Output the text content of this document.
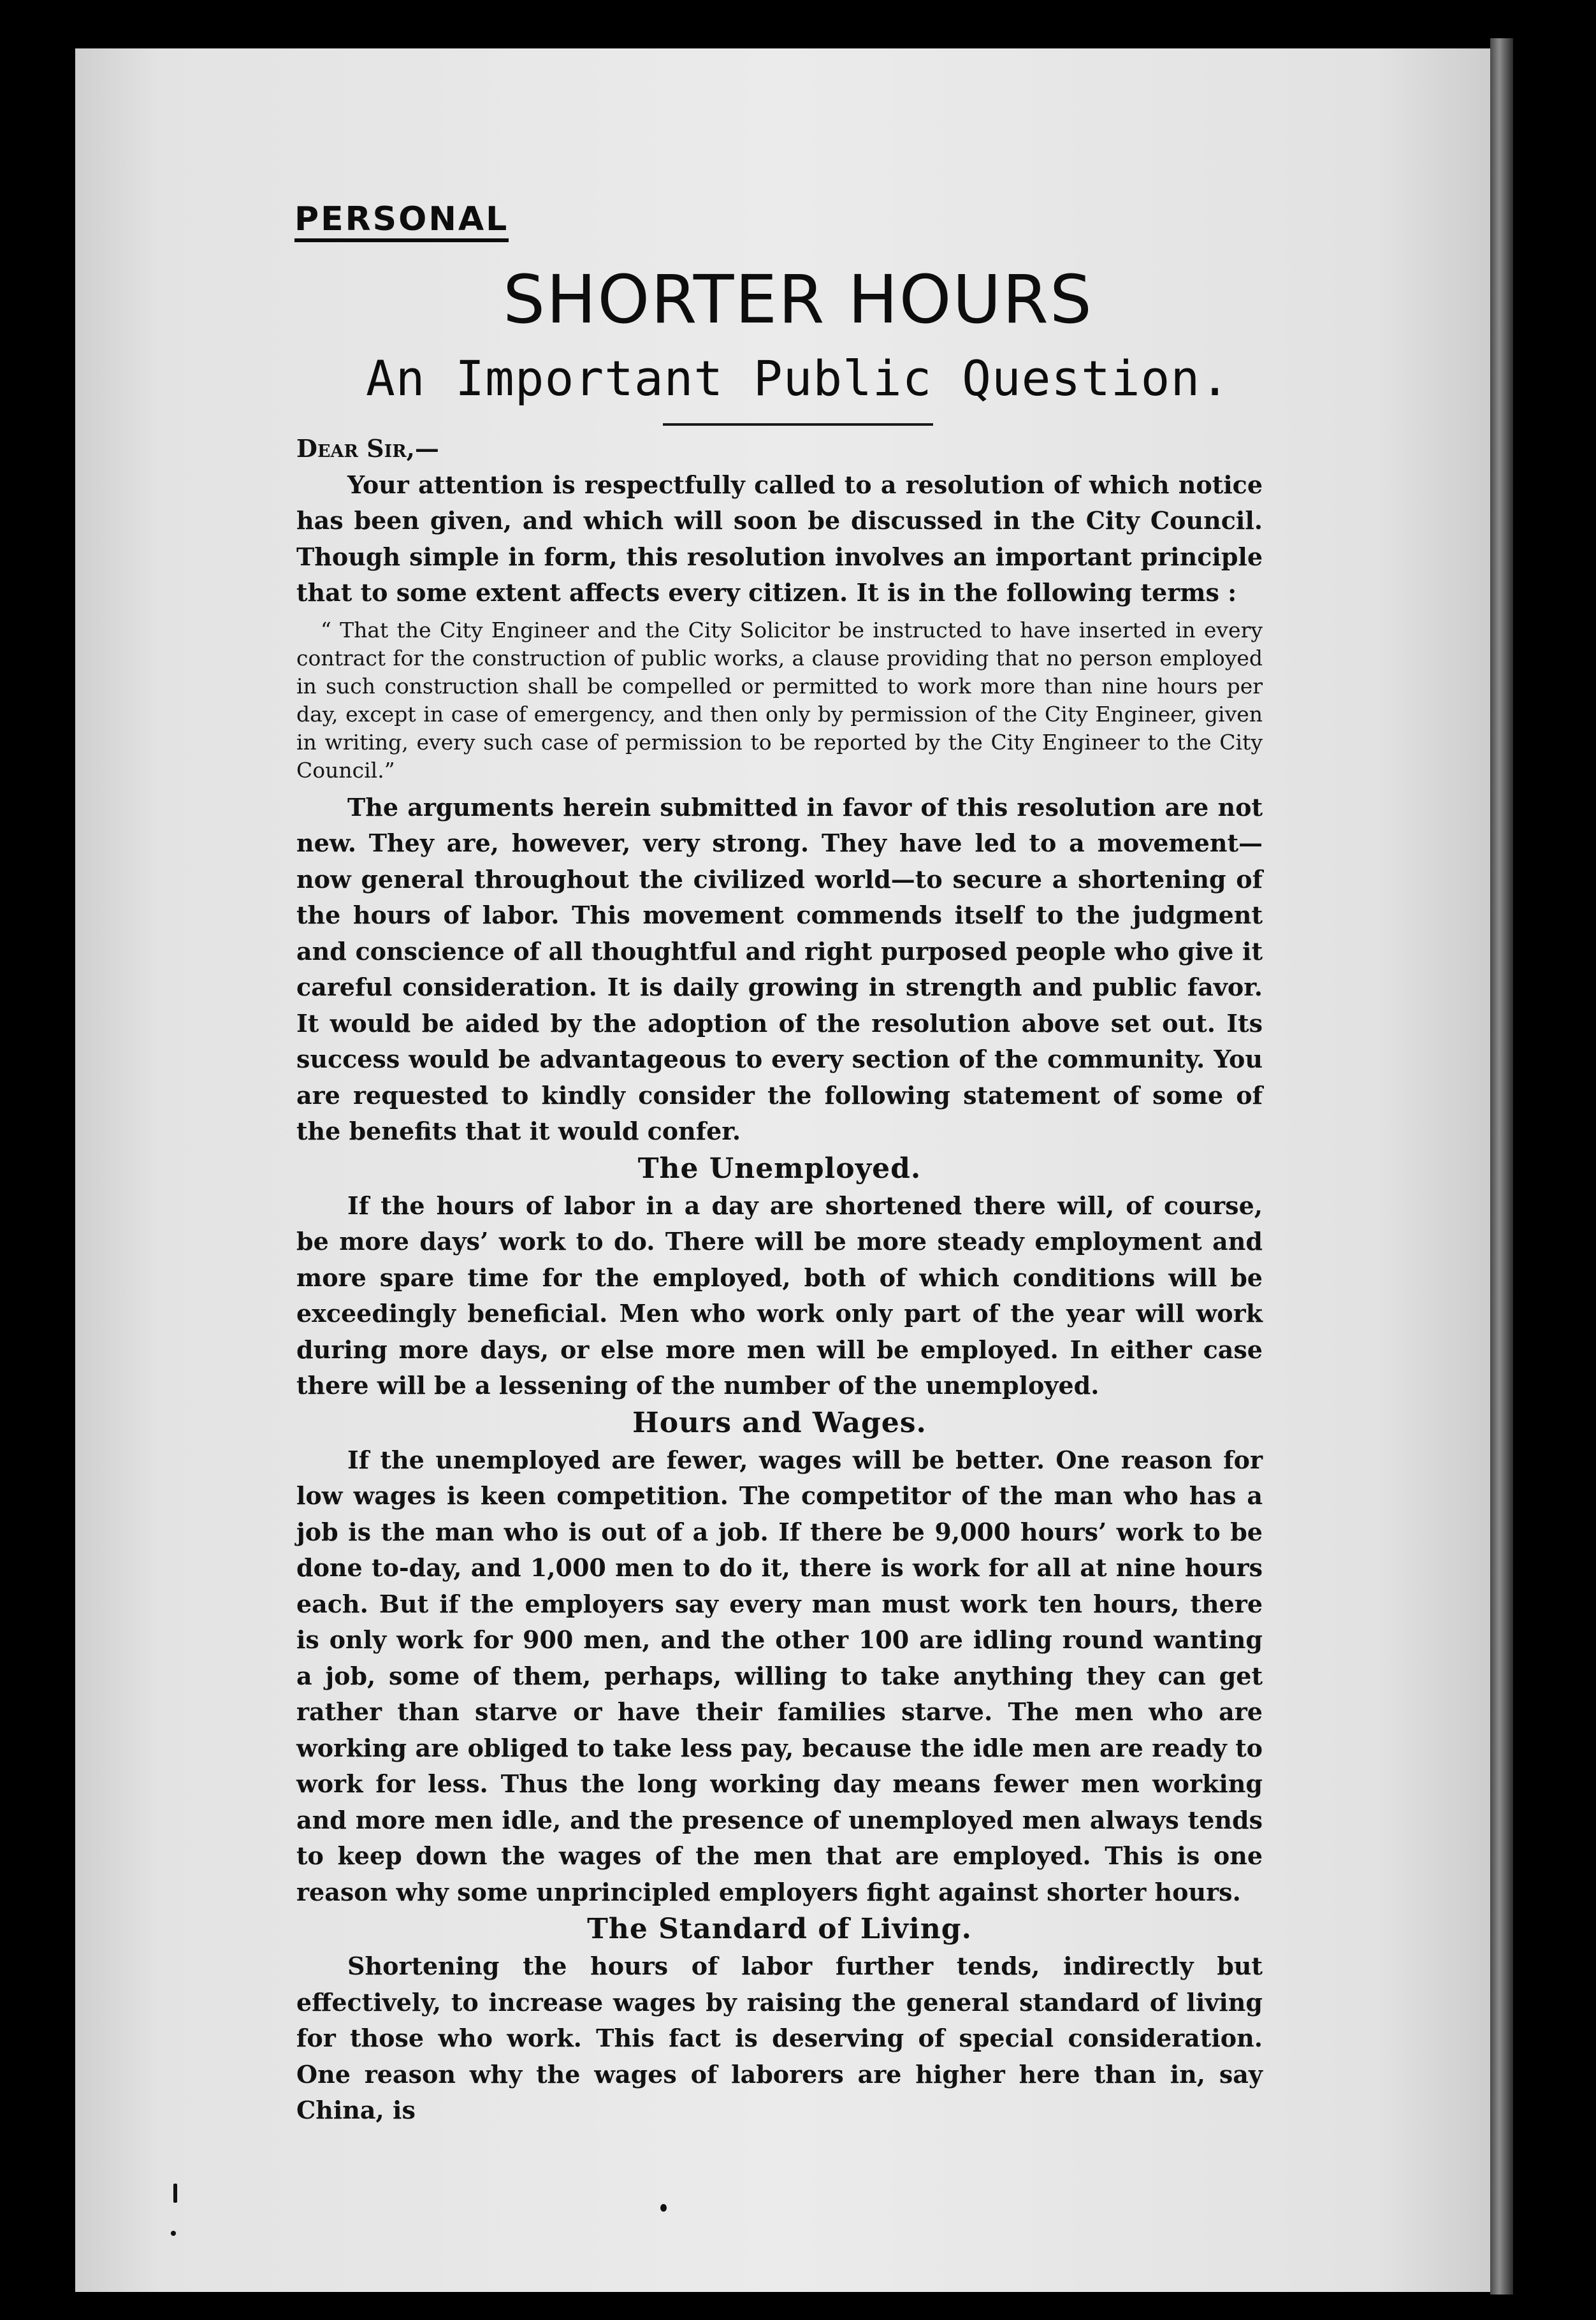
PERSONAL
SHORTER HOURS
An Important Public Question.

Dear Sir,—

Your attention is respectfully called to a resolution of which notice has been given, and which will soon be discussed in the City Council. Though simple in form, this resolution involves an important principle that to some extent affects every citizen. It is in the following terms :

“ That the City Engineer and the City Solicitor be instructed to have inserted in every contract for the construction of public works, a clause providing that no person employed in such construction shall be compelled or permitted to work more than nine hours per day, except in case of emergency, and then only by permission of the City Engineer, given in writing, every such case of permission to be reported by the City Engineer to the City Council.”

The arguments herein submitted in favor of this resolution are not new. They are, however, very strong. They have led to a movement—now general throughout the civilized world—to secure a shortening of the hours of labor. This movement commends itself to the judgment and conscience of all thoughtful and right purposed people who give it careful consideration. It is daily growing in strength and public favor. It would be aided by the adoption of the resolution above set out. Its success would be advantageous to every section of the community. You are requested to kindly consider the following statement of some of the benefits that it would confer.

The Unemployed.

If the hours of labor in a day are shortened there will, of course, be more days’ work to do. There will be more steady employment and more spare time for the employed, both of which conditions will be exceedingly beneficial. Men who work only part of the year will work during more days, or else more men will be employed. In either case there will be a lessening of the number of the unemployed.

Hours and Wages.

If the unemployed are fewer, wages will be better. One reason for low wages is keen competition. The competitor of the man who has a job is the man who is out of a job. If there be 9,000 hours’ work to be done to-day, and 1,000 men to do it, there is work for all at nine hours each. But if the employers say every man must work ten hours, there is only work for 900 men, and the other 100 are idling round wanting a job, some of them, perhaps, willing to take anything they can get rather than starve or have their families starve. The men who are working are obliged to take less pay, because the idle men are ready to work for less. Thus the long working day means fewer men working and more men idle, and the presence of unemployed men always tends to keep down the wages of the men that are employed. This is one reason why some unprincipled employers fight against shorter hours.

The Standard of Living.

Shortening the hours of labor further tends, indirectly but effectively, to increase wages by raising the general standard of living for those who work. This fact is deserving of special consideration. One reason why the wages of laborers are higher here than in, say China, is
